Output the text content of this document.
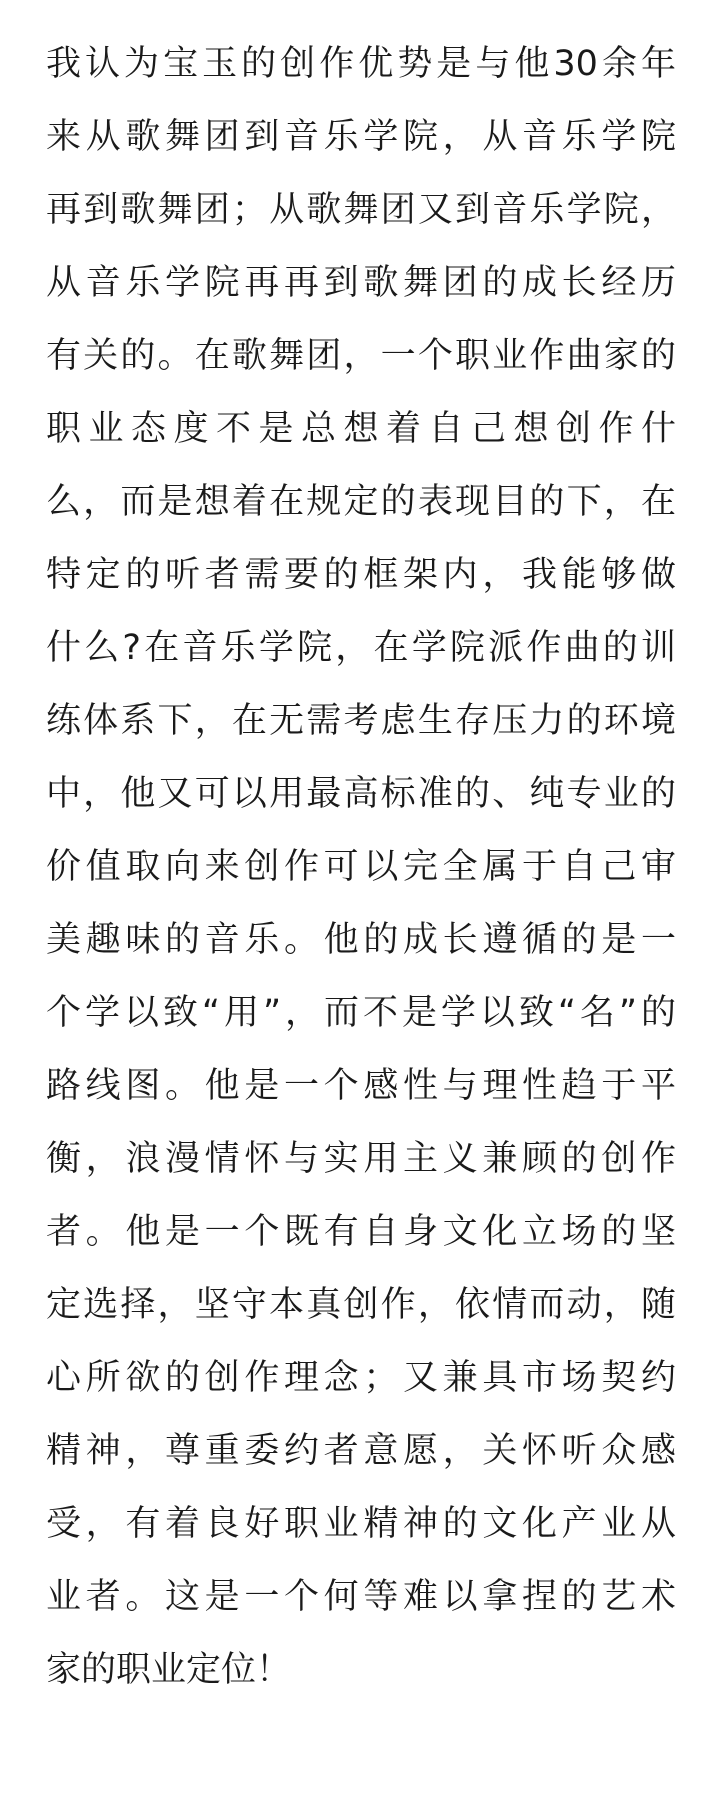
我认为宝玉的创作优势是与他30余年
来从歌舞团到音乐学院，从音乐学院
再到歌舞团；从歌舞团又到音乐学院，
从音乐学院再再到歌舞团的成长经历
有关的。在歌舞团，一个职业作曲家的
职业态度不是总想着自己想创作什
么，而是想着在规定的表现目的下，在
特定的听者需要的框架内，我能够做
什么?在音乐学院，在学院派作曲的训
练体系下，在无需考虑生存压力的环境
中，他又可以用最高标准的、纯专业的
价值取向来创作可以完全属于自己审
美趣味的音乐。他的成长遵循的是一
个学以致“用”，而不是学以致“名”的
路线图。他是一个感性与理性趋于平
衡，浪漫情怀与实用主义兼顾的创作
者。他是一个既有自身文化立场的坚
定选择，坚守本真创作，依情而动，随
心所欲的创作理念；又兼具市场契约
精神，尊重委约者意愿，关怀听众感
受，有着良好职业精神的文化产业从
业者。这是一个何等难以拿捏的艺术
家的职业定位！
